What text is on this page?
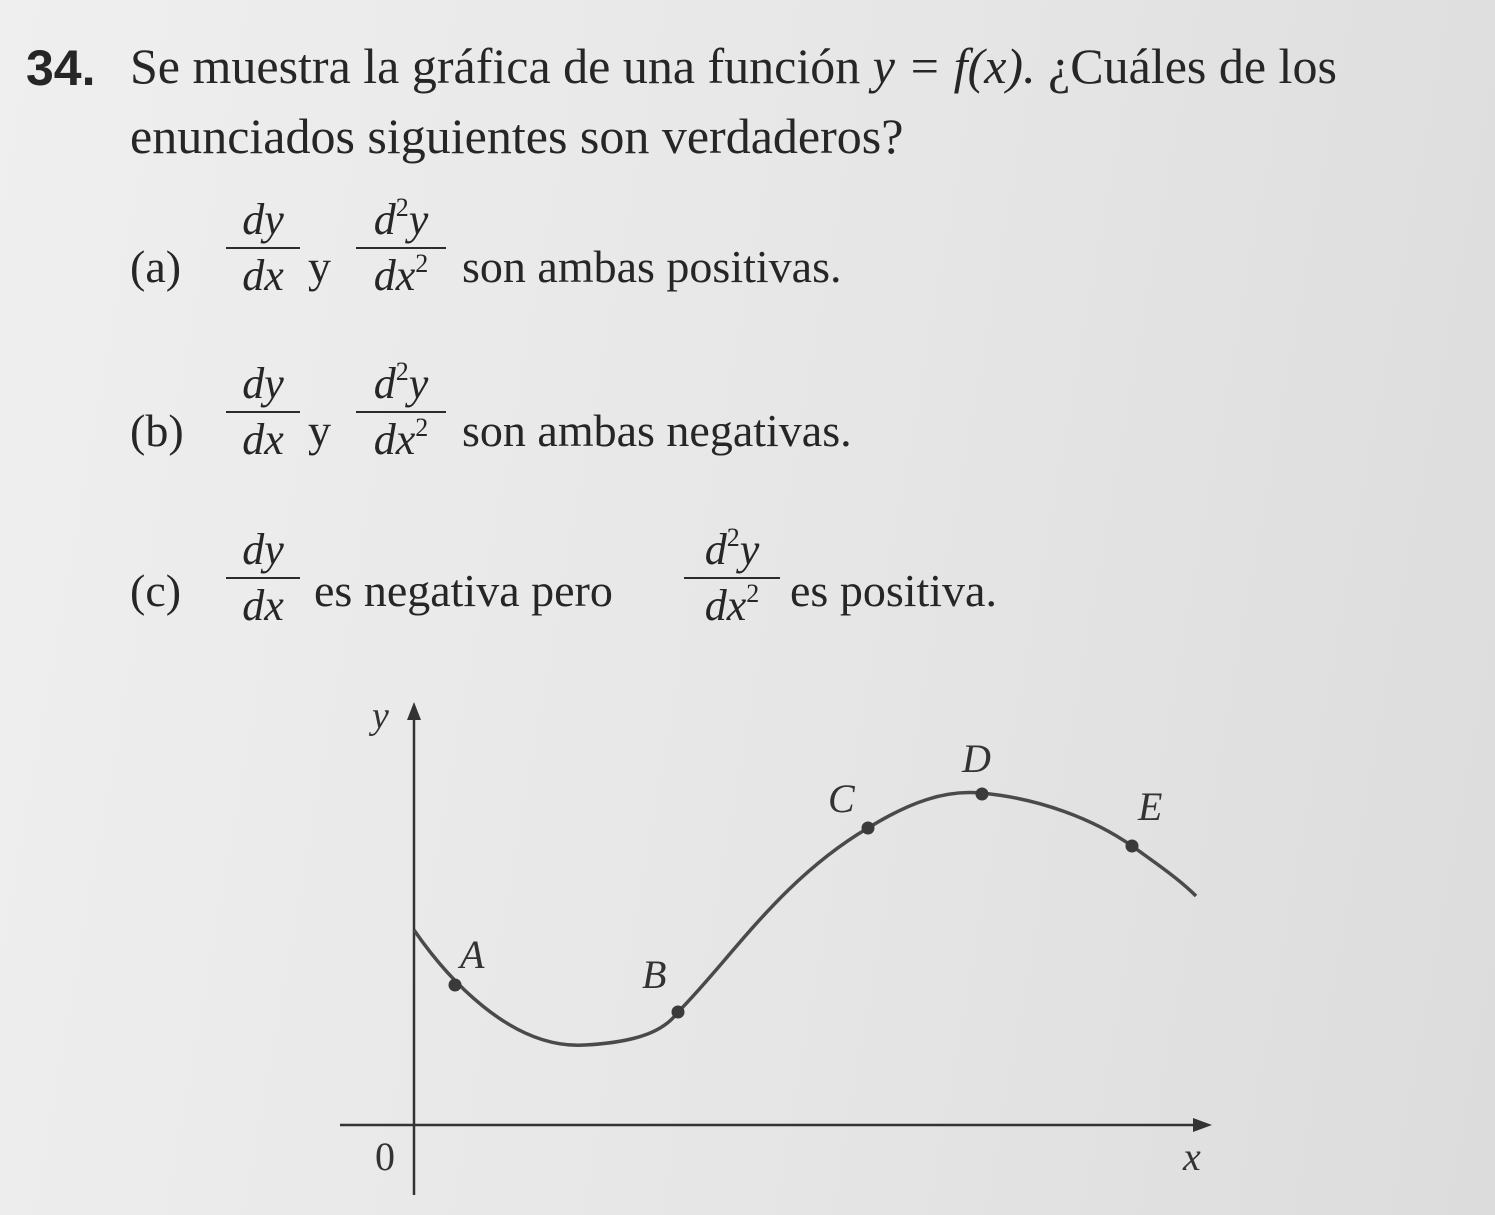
34. Se muestra la gráfica de una función y = f(x). ¿Cuáles de los
enunciados siguientes son verdaderos?
(a)
dy
dx y
$d^2y$
$dx^2$ son ambas positivas.
(b)
dy
dx y
$d^2y$
$dx^2$ son ambas negativas.
(c)
dy
dx es negativa pero
$d^2y$
$dx^2$ es positiva.
y
x
0
A	B
C
D
E
